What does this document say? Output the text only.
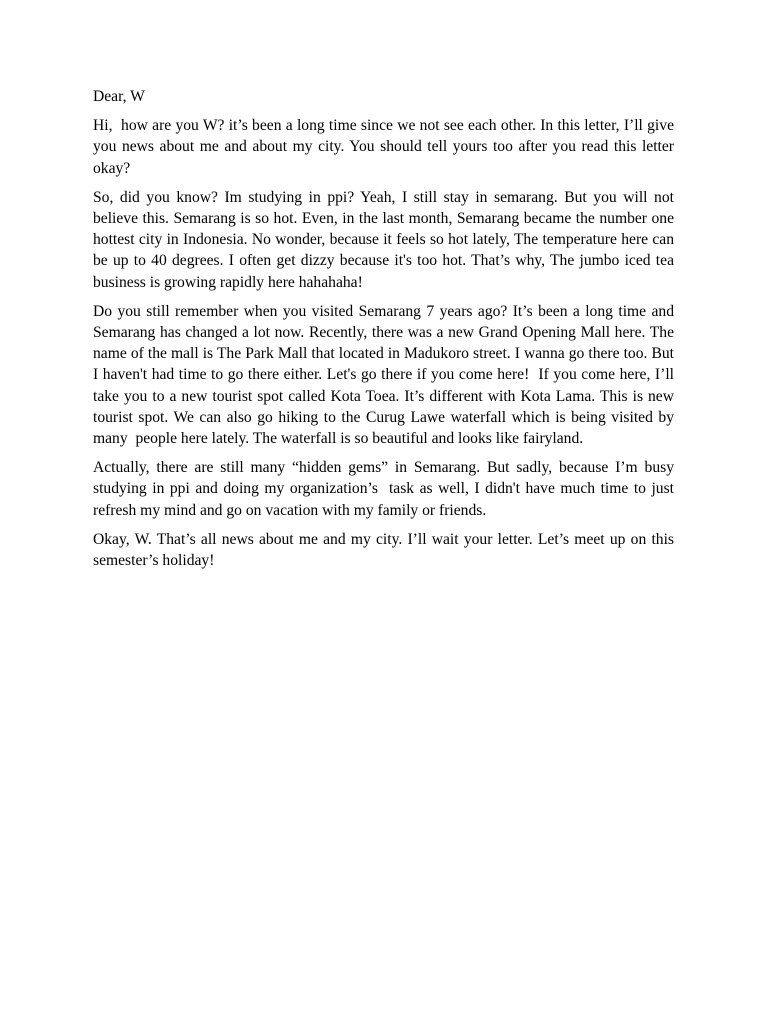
Dear, W

Hi,  how are you W? it’s been a long time since we not see each other. In this letter, I’ll give you news about me and about my city. You should tell yours too after you read this letter okay?

So, did you know? Im studying in ppi? Yeah, I still stay in semarang. But you will not believe this. Semarang is so hot. Even, in the last month, Semarang became the number one hottest city in Indonesia. No wonder, because it feels so hot lately, The temperature here can be up to 40 degrees. I often get dizzy because it's too hot. That’s why, The jumbo iced tea business is growing rapidly here hahahaha!

Do you still remember when you visited Semarang 7 years ago? It’s been a long time and Semarang has changed a lot now. Recently, there was a new Grand Opening Mall here. The name of the mall is The Park Mall that located in Madukoro street. I wanna go there too. But I haven't had time to go there either. Let's go there if you come here!  If you come here, I’ll take you to a new tourist spot called Kota Toea. It’s different with Kota Lama. This is new tourist spot. We can also go hiking to the Curug Lawe waterfall which is being visited by many  people here lately. The waterfall is so beautiful and looks like fairyland.

Actually, there are still many “hidden gems” in Semarang. But sadly, because I’m busy studying in ppi and doing my organization’s  task as well, I didn't have much time to just refresh my mind and go on vacation with my family or friends.

Okay, W. That’s all news about me and my city. I’ll wait your letter. Let’s meet up on this semester’s holiday!
